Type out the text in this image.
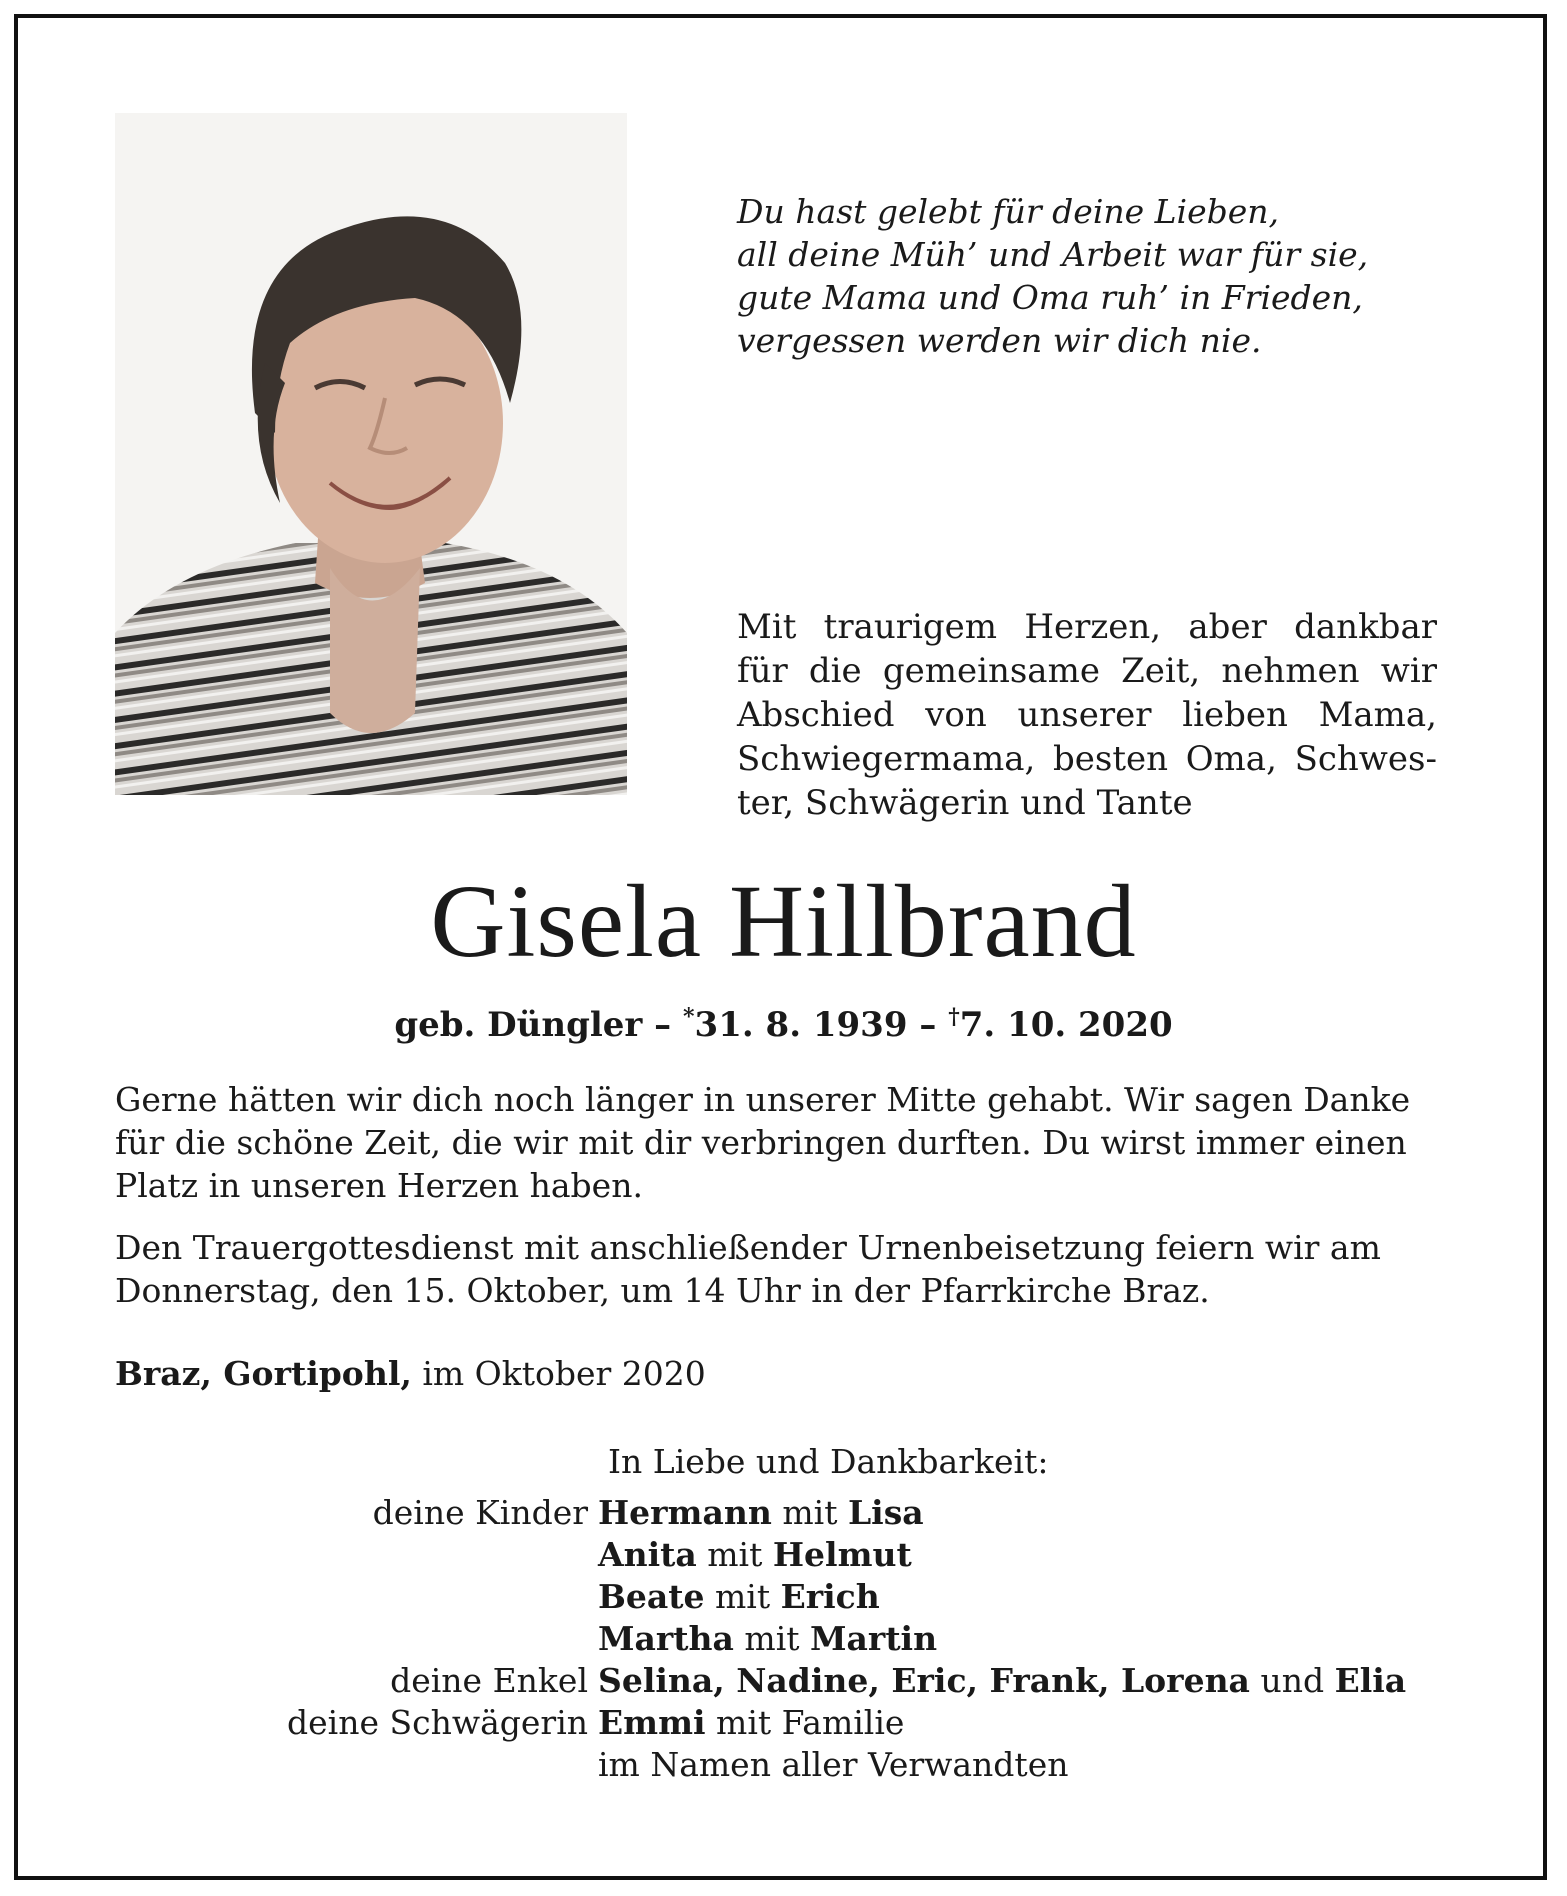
Du hast gelebt für deine Lieben,
all deine Müh’ und Arbeit war für sie,
gute Mama und Oma ruh’ in Frieden,
vergessen werden wir dich nie.
Mit traurigem Herzen, aber dankbar
für die gemeinsame Zeit, nehmen wir
Abschied von unserer lieben Mama,
Schwiegermama, besten Oma, Schwes-
ter, Schwägerin und Tante
Gisela Hillbrand
geb. Düngler – *31. 8. 1939 – †7. 10. 2020
Gerne hätten wir dich noch länger in unserer Mitte gehabt. Wir sagen Danke
für die schöne Zeit, die wir mit dir verbringen durften. Du wirst immer einen
Platz in unseren Herzen haben.
Den Trauergottesdienst mit anschließender Urnenbeisetzung feiern wir am
Donnerstag, den 15. Oktober, um 14 Uhr in der Pfarrkirche Braz.
Braz, Gortipohl, im Oktober 2020
In Liebe und Dankbarkeit:
deine Kinder Hermann mit Lisa
Anita mit Helmut
Beate mit Erich
Martha mit Martin
deine Enkel Selina, Nadine, Eric, Frank, Lorena und Elia
deine Schwägerin Emmi mit Familie
im Namen aller Verwandten
